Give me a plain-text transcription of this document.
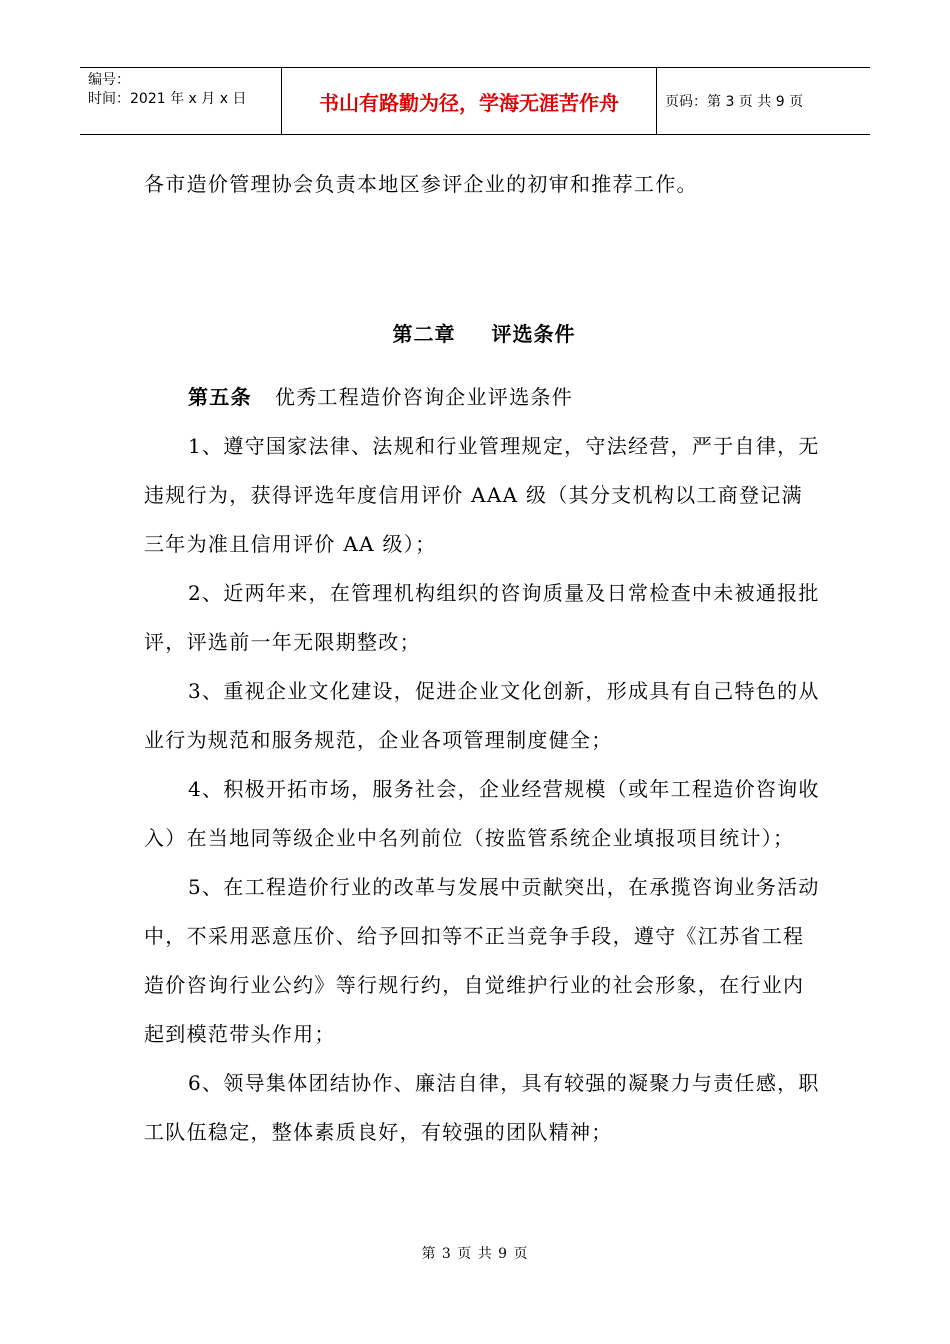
编号：
时间：2021 年 x 月 x 日	书山有路勤为径，学海无涯苦作舟	页码：第 3 页 共 9 页

各市造价管理协会负责本地区参评企业的初审和推荐工作。

第二章 评选条件

第五条 优秀工程造价咨询企业评选条件

1、遵守国家法律、法规和行业管理规定，守法经营，严于自律，无违规行为，获得评选年度信用评价 AAA 级（其分支机构以工商登记满三年为准且信用评价 AA 级）；

2、近两年来，在管理机构组织的咨询质量及日常检查中未被通报批评，评选前一年无限期整改；

3、重视企业文化建设，促进企业文化创新，形成具有自己特色的从业行为规范和服务规范，企业各项管理制度健全；

4、积极开拓市场，服务社会，企业经营规模（或年工程造价咨询收入）在当地同等级企业中名列前位（按监管系统企业填报项目统计）；

5、在工程造价行业的改革与发展中贡献突出，在承揽咨询业务活动中，不采用恶意压价、给予回扣等不正当竞争手段，遵守《江苏省工程造价咨询行业公约》等行规行约，自觉维护行业的社会形象，在行业内起到模范带头作用；

6、领导集体团结协作、廉洁自律，具有较强的凝聚力与责任感，职工队伍稳定，整体素质良好，有较强的团队精神；

第 3 页 共 9 页
